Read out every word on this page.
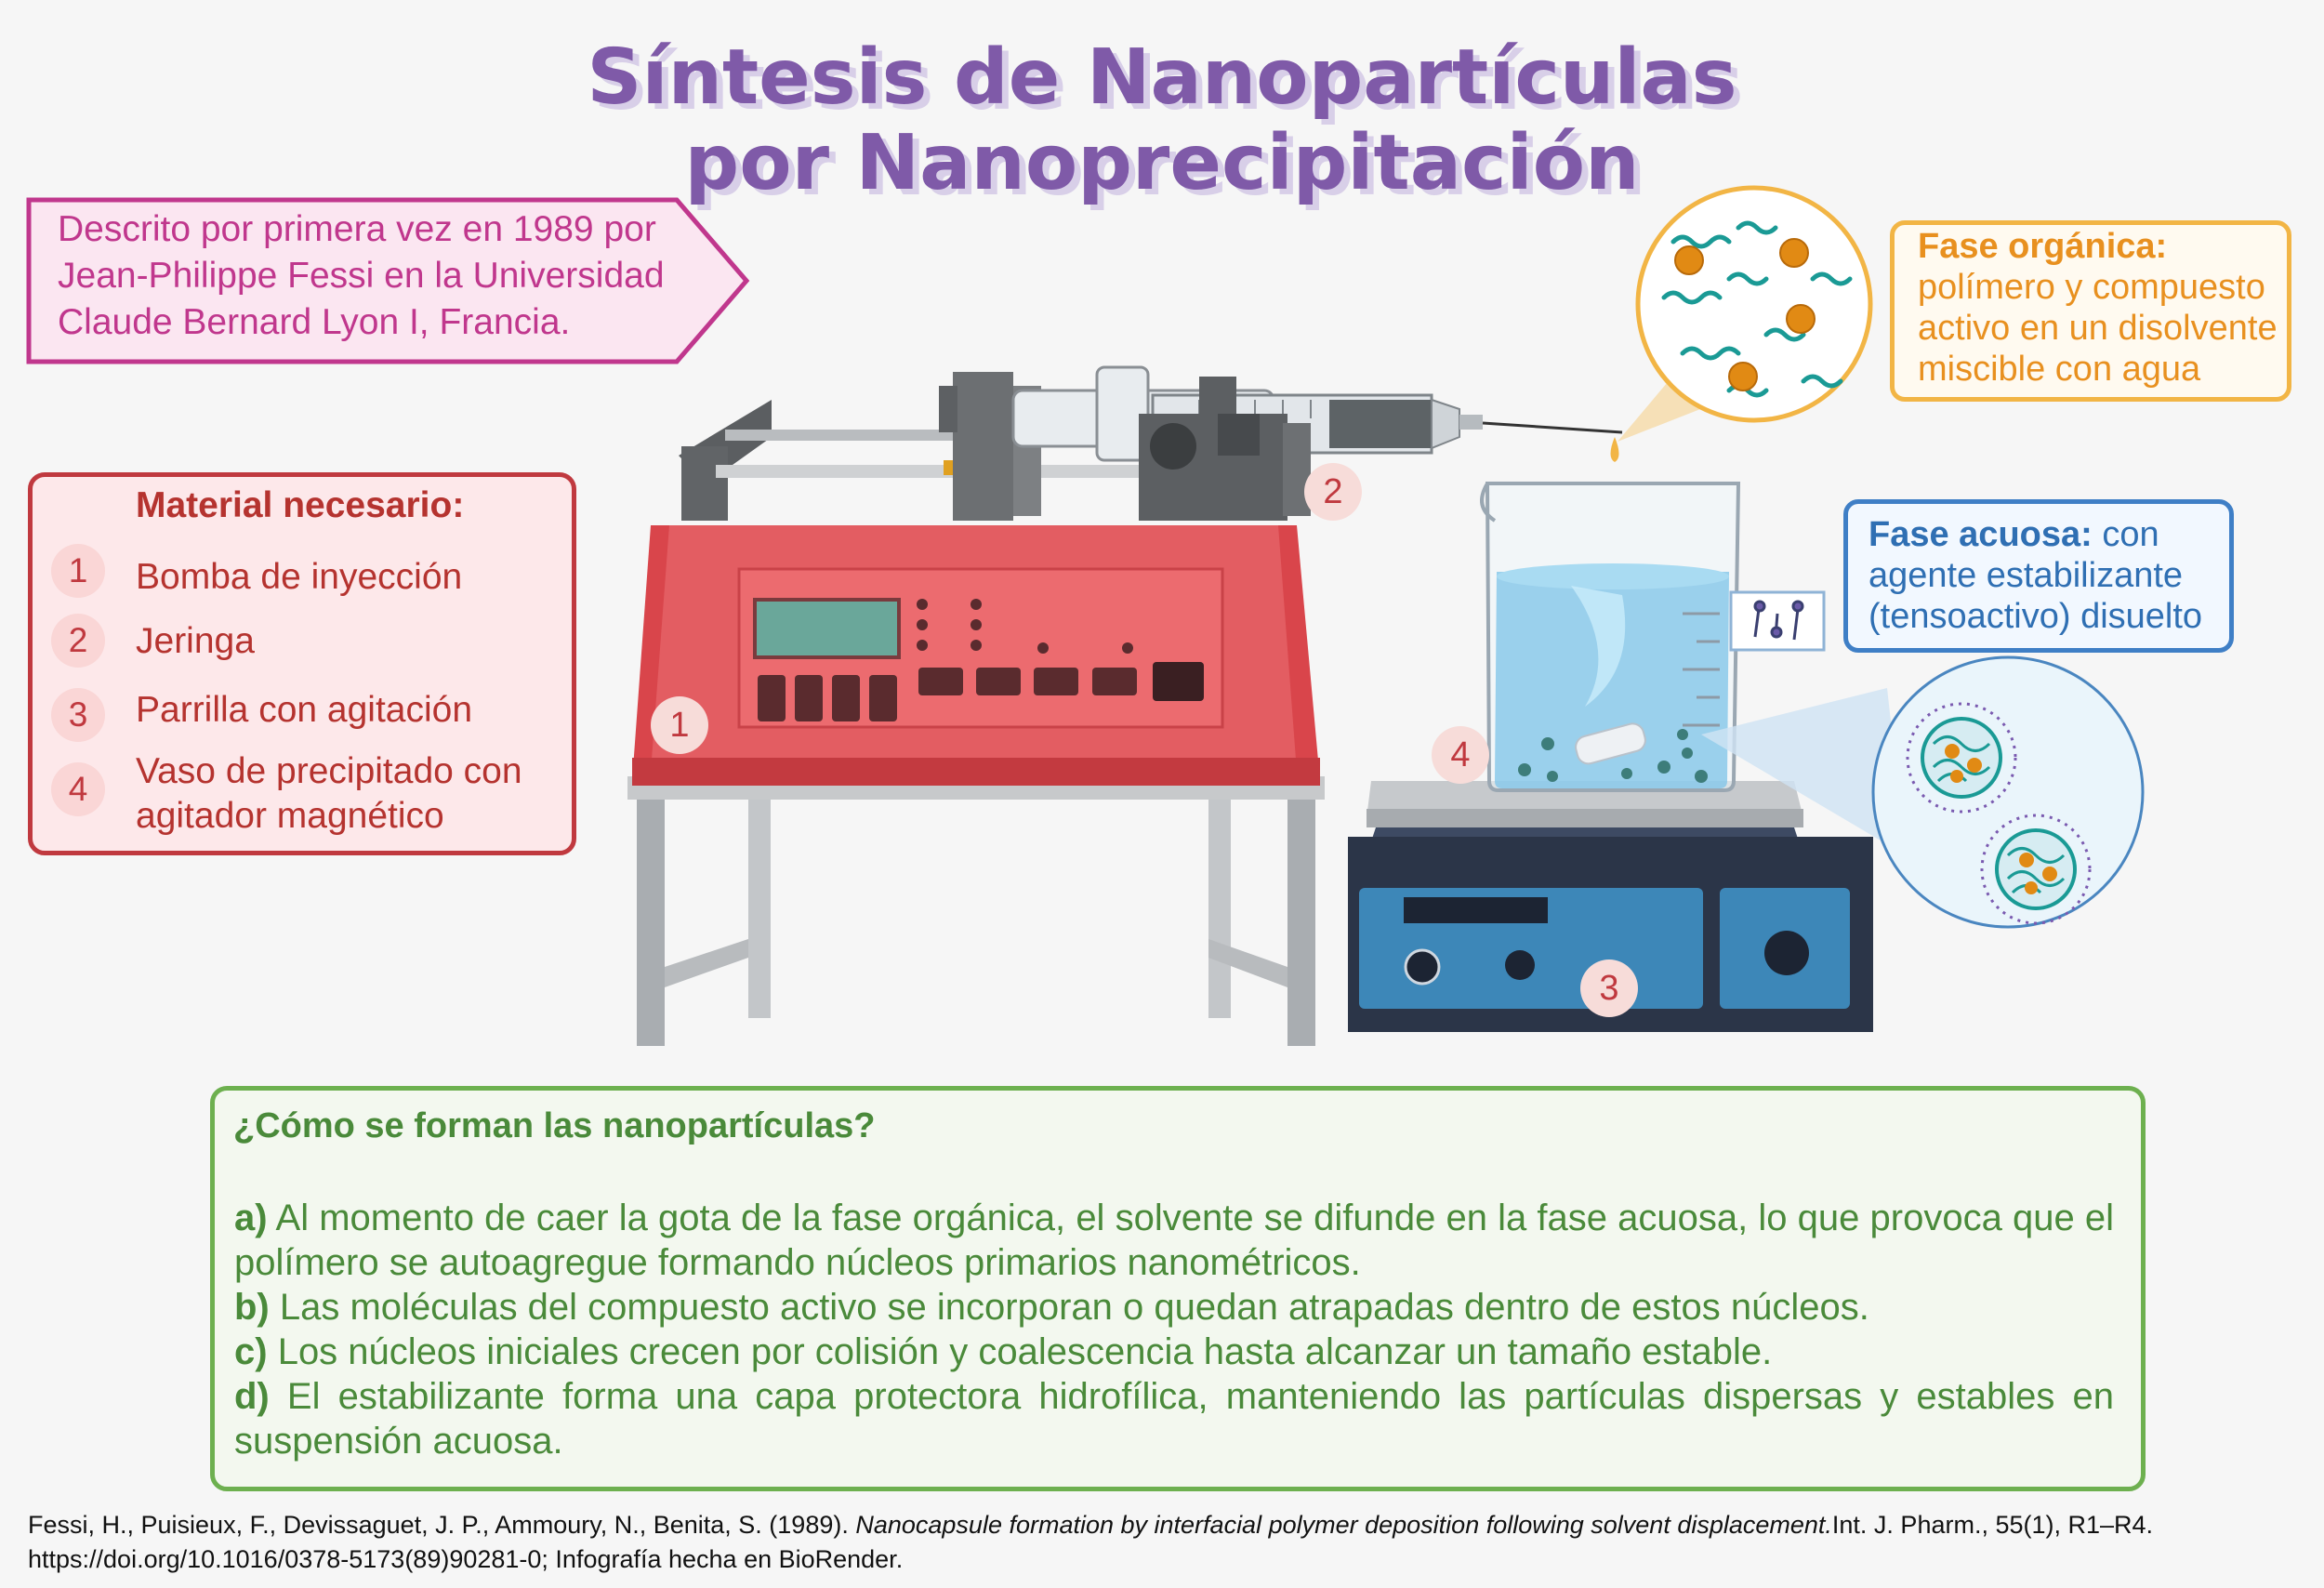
Síntesis de Nanopartículas
por Nanoprecipitación
Descrito por primera vez en 1989 por
Jean-Philippe Fessi en la Universidad
Claude Bernard Lyon I, Francia.
Material necesario:
1	Bomba de inyección
2	Jeringa
3	Parrilla con agitación
4	Vaso de precipitado con
agitador magnético
Fase orgánica:
polímero y compuesto
activo en un disolvente
miscible con agua
Fase acuosa: con
agente estabilizante
(tensoactivo) disuelto
1
2
3
4
¿Cómo se forman las nanopartículas?

a) Al momento de caer la gota de la fase orgánica, el solvente se difunde en la fase acuosa, lo que provoca que el polímero se autoagregue formando núcleos primarios nanométricos.

b) Las moléculas del compuesto activo se incorporan o quedan atrapadas dentro de estos núcleos.

c) Los núcleos iniciales crecen por colisión y coalescencia hasta alcanzar un tamaño estable.

d) El estabilizante forma una capa protectora hidrofílica, manteniendo las partículas dispersas y estables en suspensión acuosa.

Fessi, H., Puisieux, F., Devissaguet, J. P., Ammoury, N., Benita, S. (1989). Nanocapsule formation by interfacial polymer deposition following solvent displacement.Int. J. Pharm., 55(1), R1–R4. https://doi.org/10.1016/0378-5173(89)90281-0; Infografía hecha en BioRender.
